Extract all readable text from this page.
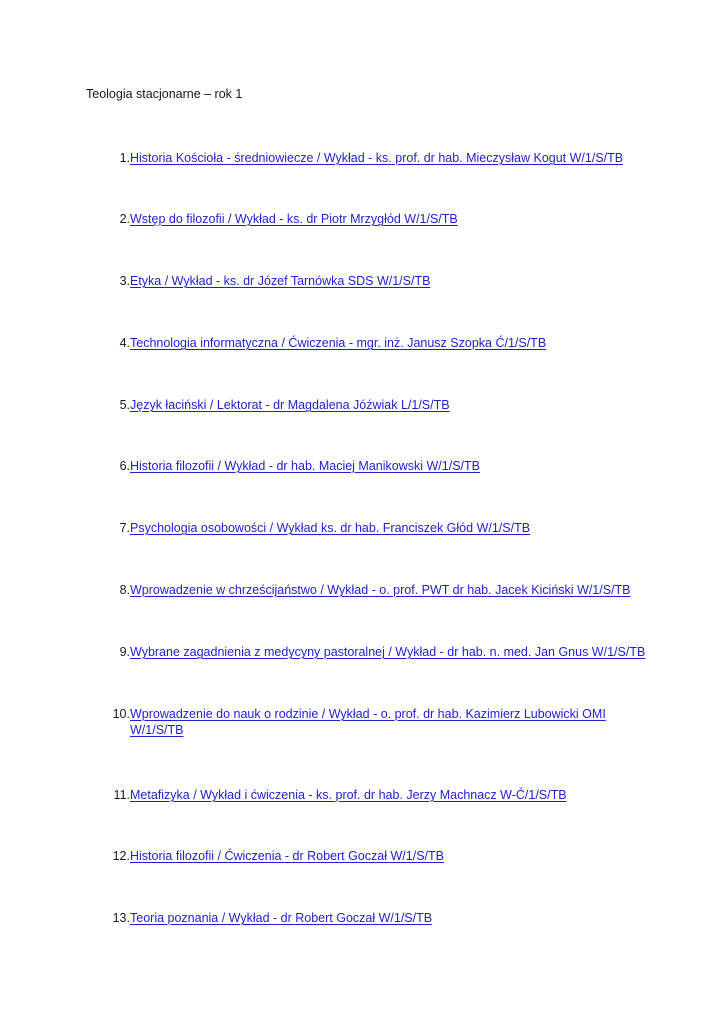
Teologia stacjonarne – rok 1
1. Historia Kościoła - średniowiecze / Wykład - ks. prof. dr hab. Mieczysław Kogut W/1/S/TB
2. Wstęp do filozofii / Wykład - ks. dr Piotr Mrzygłód W/1/S/TB
3. Etyka / Wykład - ks. dr Józef Tarnówka SDS W/1/S/TB
4. Technologia informatyczna / Ćwiczenia - mgr. inż. Janusz Szopka Ć/1/S/TB
5. Język łaciński / Lektorat - dr Magdalena Jóźwiak L/1/S/TB
6. Historia filozofii / Wykład - dr hab. Maciej Manikowski W/1/S/TB
7. Psychologia osobowości / Wykład ks. dr hab. Franciszek Głód W/1/S/TB
8. Wprowadzenie w chrześcijaństwo / Wykład - o. prof. PWT dr hab. Jacek Kiciński W/1/S/TB
9. Wybrane zagadnienia z medycyny pastoralnej / Wykład - dr hab. n. med. Jan Gnus W/1/S/TB
10. Wprowadzenie do nauk o rodzinie / Wykład - o. prof. dr hab. Kazimierz Lubowicki OMI W/1/S/TB
11. Metafizyka / Wykład i ćwiczenia - ks. prof. dr hab. Jerzy Machnacz W-Ć/1/S/TB
12. Historia filozofii / Ćwiczenia - dr Robert Goczał W/1/S/TB
13. Teoria poznania / Wykład - dr Robert Goczał W/1/S/TB
